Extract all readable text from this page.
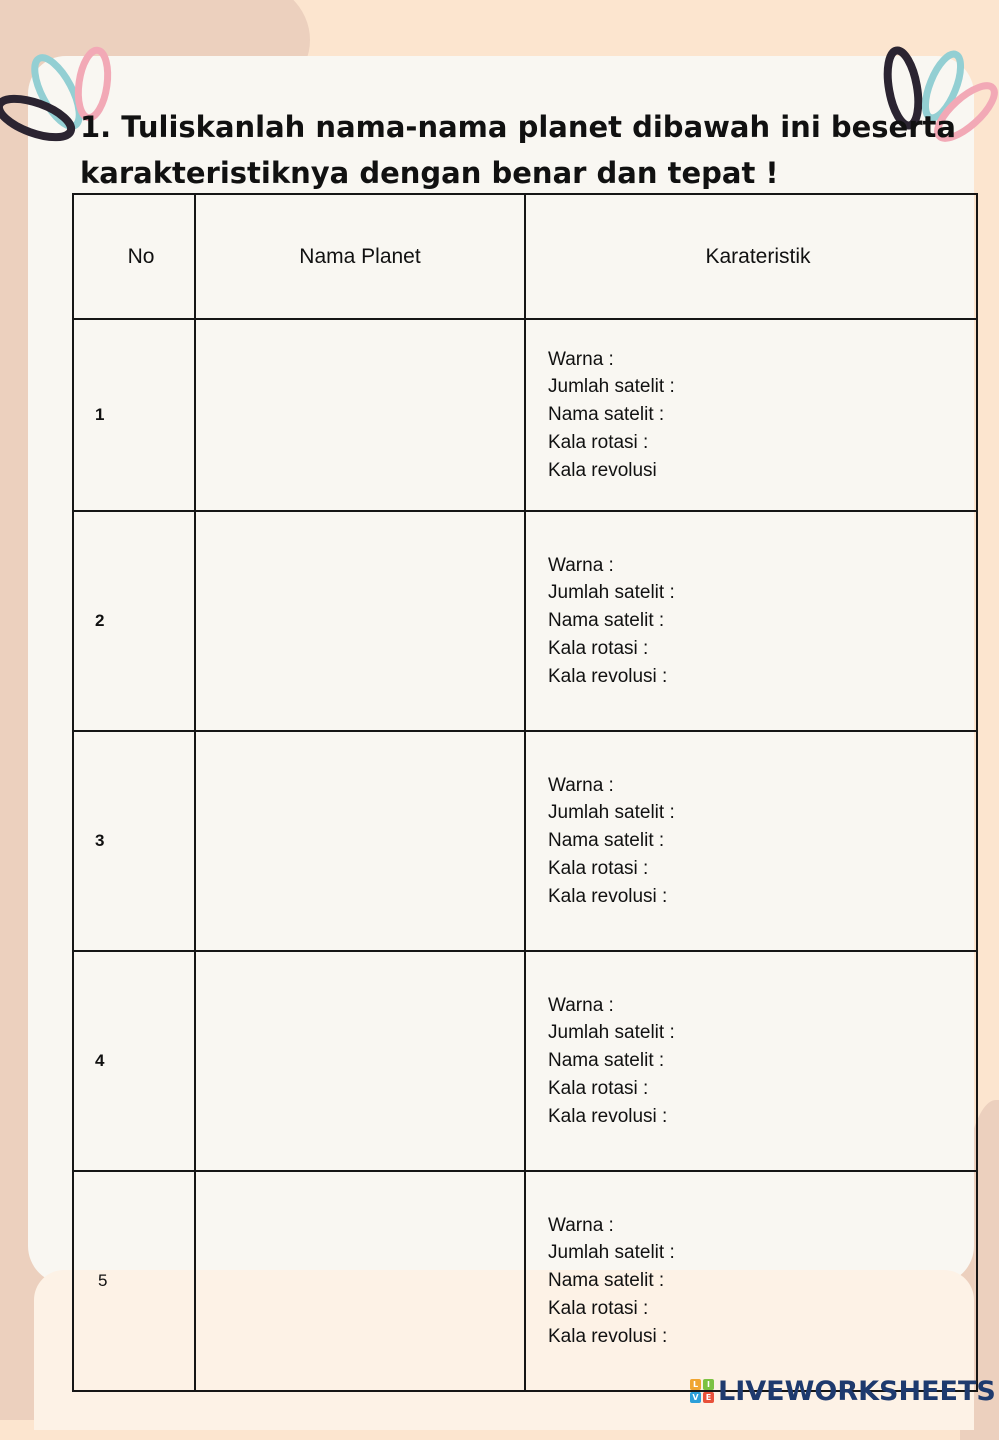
1. Tuliskanlah nama-nama planet dibawah ini beserta
karakteristiknya dengan benar dan tepat !
No	Nama Planet	Karateristik
1		Warna :
Jumlah satelit :
Nama satelit :
Kala rotasi :
Kala revolusi

2		Warna :
Jumlah satelit :
Nama satelit :
Kala rotasi :
Kala revolusi :

3		Warna :
Jumlah satelit :
Nama satelit :
Kala rotasi :
Kala revolusi :

4		Warna :
Jumlah satelit :
Nama satelit :
Kala rotasi :
Kala revolusi :

5		Warna :
Jumlah satelit :
Nama satelit :
Kala rotasi :
Kala revolusi :
L	I
V E LIVEWORKSHEETS
